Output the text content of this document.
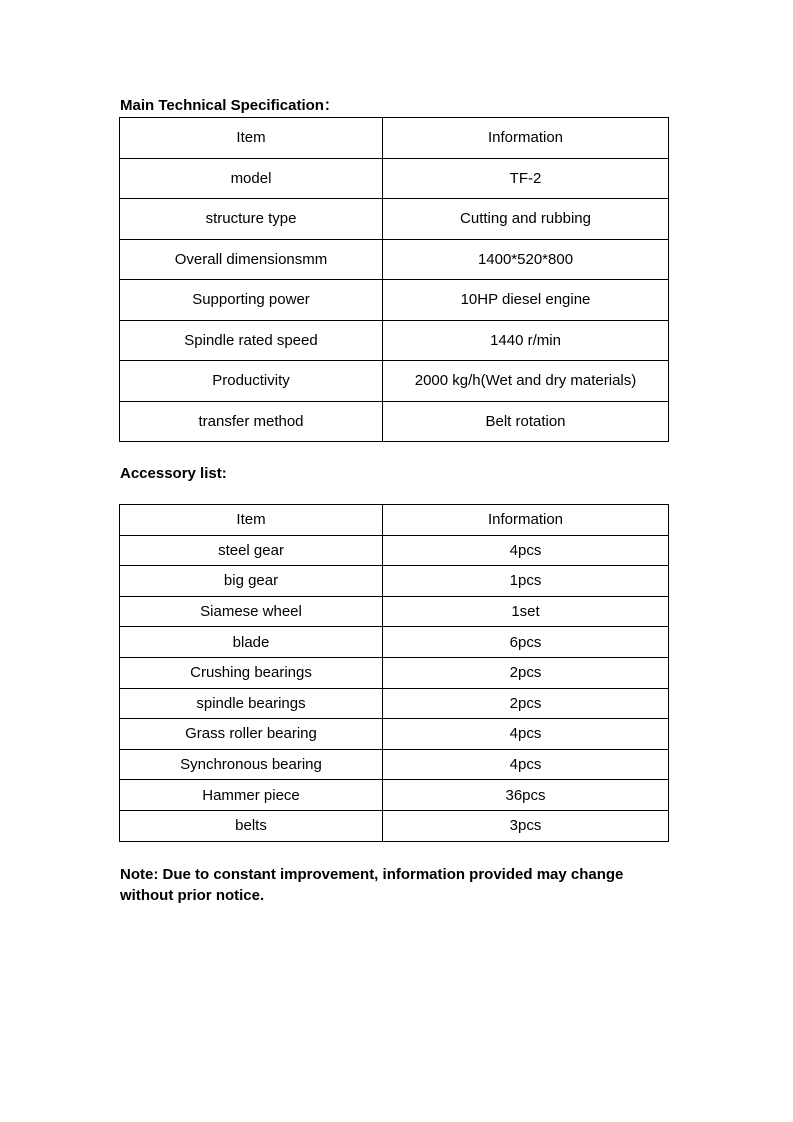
Main Technical Specification：
Item	Information
model	TF-2
structure type	Cutting and rubbing
Overall dimensionsmm	1400*520*800
Supporting power	10HP diesel engine
Spindle rated speed	1440 r/min
Productivity	2000 kg/h(Wet and dry materials)
transfer method	Belt rotation
Accessory list:
Item	Information
steel gear	4pcs
big gear	1pcs
Siamese wheel	1set
blade	6pcs
Crushing bearings	2pcs
spindle bearings	2pcs
Grass roller bearing	4pcs
Synchronous bearing	4pcs
Hammer piece	36pcs
belts	3pcs
Note: Due to constant improvement, information provided may change without prior notice.
